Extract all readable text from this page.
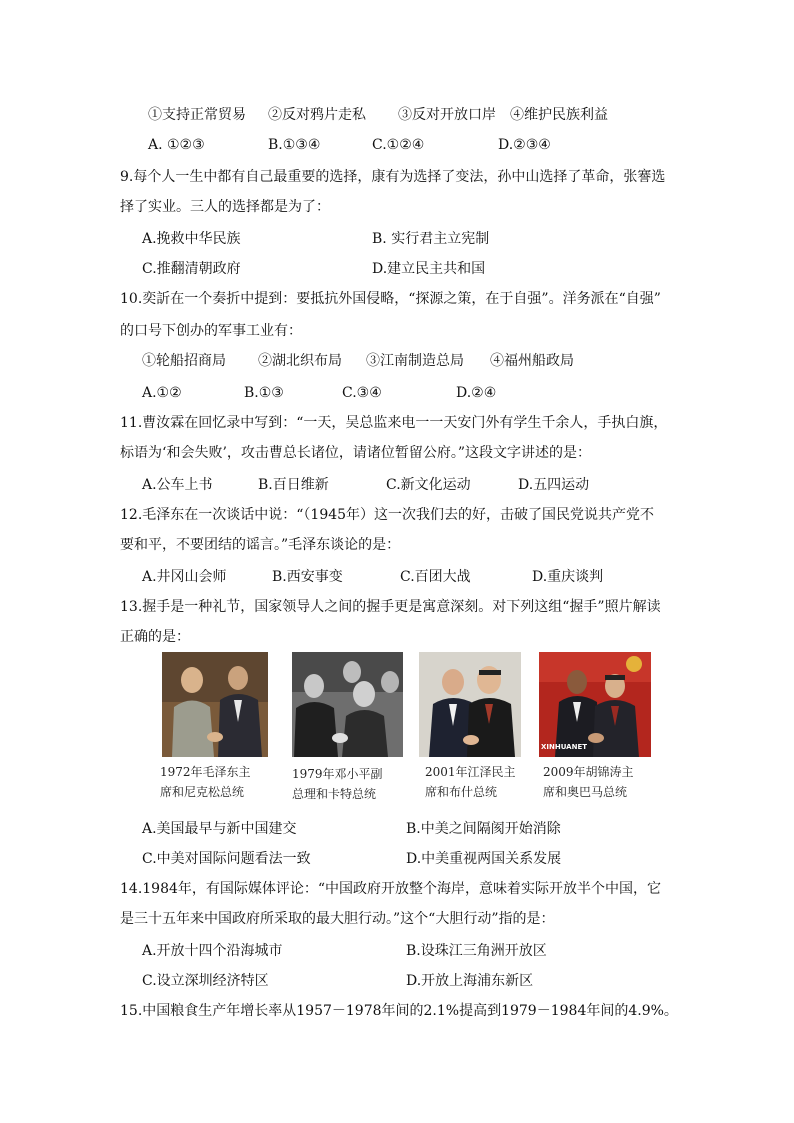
①支持正常贸易 ②反对鸦片走私 ③反对开放口岸 ④维护民族利益
A. ①②③	B.①③④	C.①②④	D.②③④
9.每个人一生中都有自己最重要的选择，康有为选择了变法，孙中山选择了革命，张謇选
择了实业。三人的选择都是为了：
A.挽救中华民族	B. 实行君主立宪制
C.推翻清朝政府	D.建立民主共和国
10.奕訢在一个奏折中提到：要抵抗外国侵略，“探源之策，在于自强”。洋务派在“自强”
的口号下创办的军事工业有：
①轮船招商局 ②湖北织布局 ③江南制造总局 ④福州船政局
A.①②	B.①③	C.③④	D.②④
11.曹汝霖在回忆录中写到：“一天，吴总监来电一一天安门外有学生千余人，手执白旗，
标语为‘和会失败’，攻击曹总长诸位，请诸位暂留公府。”这段文字讲述的是：
A.公车上书	B.百日维新	C.新文化运动	D.五四运动
12.毛泽东在一次谈话中说：“（1945年）这一次我们去的好，击破了国民党说共产党不
要和平，不要团结的谣言。”毛泽东谈论的是：
A.井冈山会师	B.西安事变	C.百团大战	D.重庆谈判
13.握手是一种礼节，国家领导人之间的握手更是寓意深刻。对下列这组“握手”照片解读
正确的是：
XINHUANET
1972年毛泽东主
席和尼克松总统
1979年邓小平副
总理和卡特总统
2001年江泽民主
席和布什总统
2009年胡锦涛主
席和奥巴马总统
A.美国最早与新中国建交	B.中美之间隔阂开始消除
C.中美对国际问题看法一致	D.中美重视两国关系发展
14.1984年，有国际媒体评论：“中国政府开放整个海岸，意味着实际开放半个中国，它
是三十五年来中国政府所采取的最大胆行动。”这个“大胆行动”指的是：
A.开放十四个沿海城市	B.设珠江三角洲开放区
C.设立深圳经济特区	D.开放上海浦东新区
15.中国粮食生产年增长率从1957－1978年间的2.1%提高到1979－1984年间的4.9%。
